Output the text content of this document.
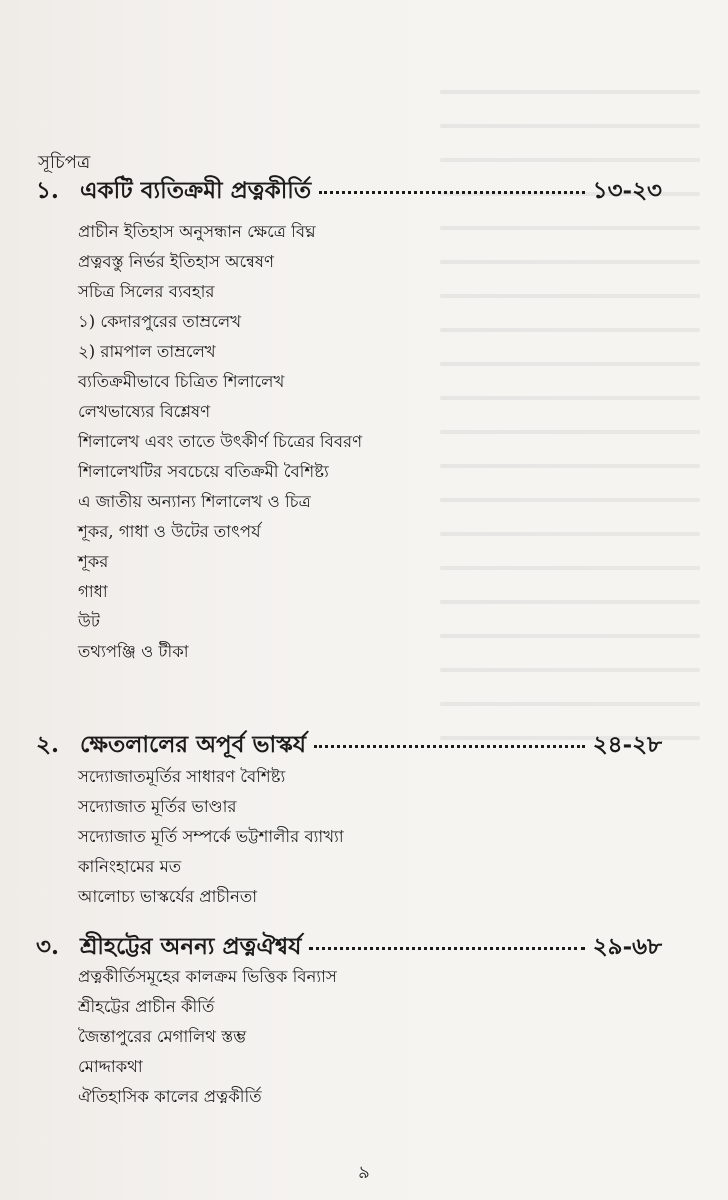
সূচিপত্র
১. একটি ব্যতিক্রমী প্রত্নকীর্তি	১৩-২৩
প্রাচীন ইতিহাস অনুসন্ধান ক্ষেত্রে বিঘ্ন
প্রত্নবস্তু নির্ভর ইতিহাস অন্বেষণ
সচিত্র সিলের ব্যবহার
১) কেদারপুরের তাম্রলেখ
২) রামপাল তাম্রলেখ
ব্যতিক্রমীভাবে চিত্রিত শিলালেখ
লেখভাষ্যের বিশ্লেষণ
শিলালেখ এবং তাতে উৎকীর্ণ চিত্রের বিবরণ
শিলালেখটির সবচেয়ে বতিক্রমী বৈশিষ্ট্য
এ জাতীয় অন্যান্য শিলালেখ ও চিত্র
শূকর, গাধা ও উটের তাৎপর্য
শূকর
গাধা
উট
তথ্যপঞ্জি ও টীকা
২. ক্ষেতলালের অপূর্ব ভাস্কর্য	২৪-২৮
সদ্যোজাতমূর্তির সাধারণ বৈশিষ্ট্য
সদ্যোজাত মূর্তির ভাণ্ডার
সদ্যোজাত মূর্তি সম্পর্কে ভট্টশালীর ব্যাখ্যা
কানিংহামের মত
আলোচ্য ভাস্কর্যের প্রাচীনতা
৩. শ্রীহট্টের অনন্য প্রত্নঐশ্বর্য	২৯-৬৮
প্রত্নকীর্তিসমূহের কালক্রম ভিত্তিক বিন্যাস
শ্রীহট্টের প্রাচীন কীর্তি
জৈন্তাপুরের মেগালিথ স্তম্ভ
মোদ্দাকথা
ঐতিহাসিক কালের প্রত্নকীর্তি
৯
